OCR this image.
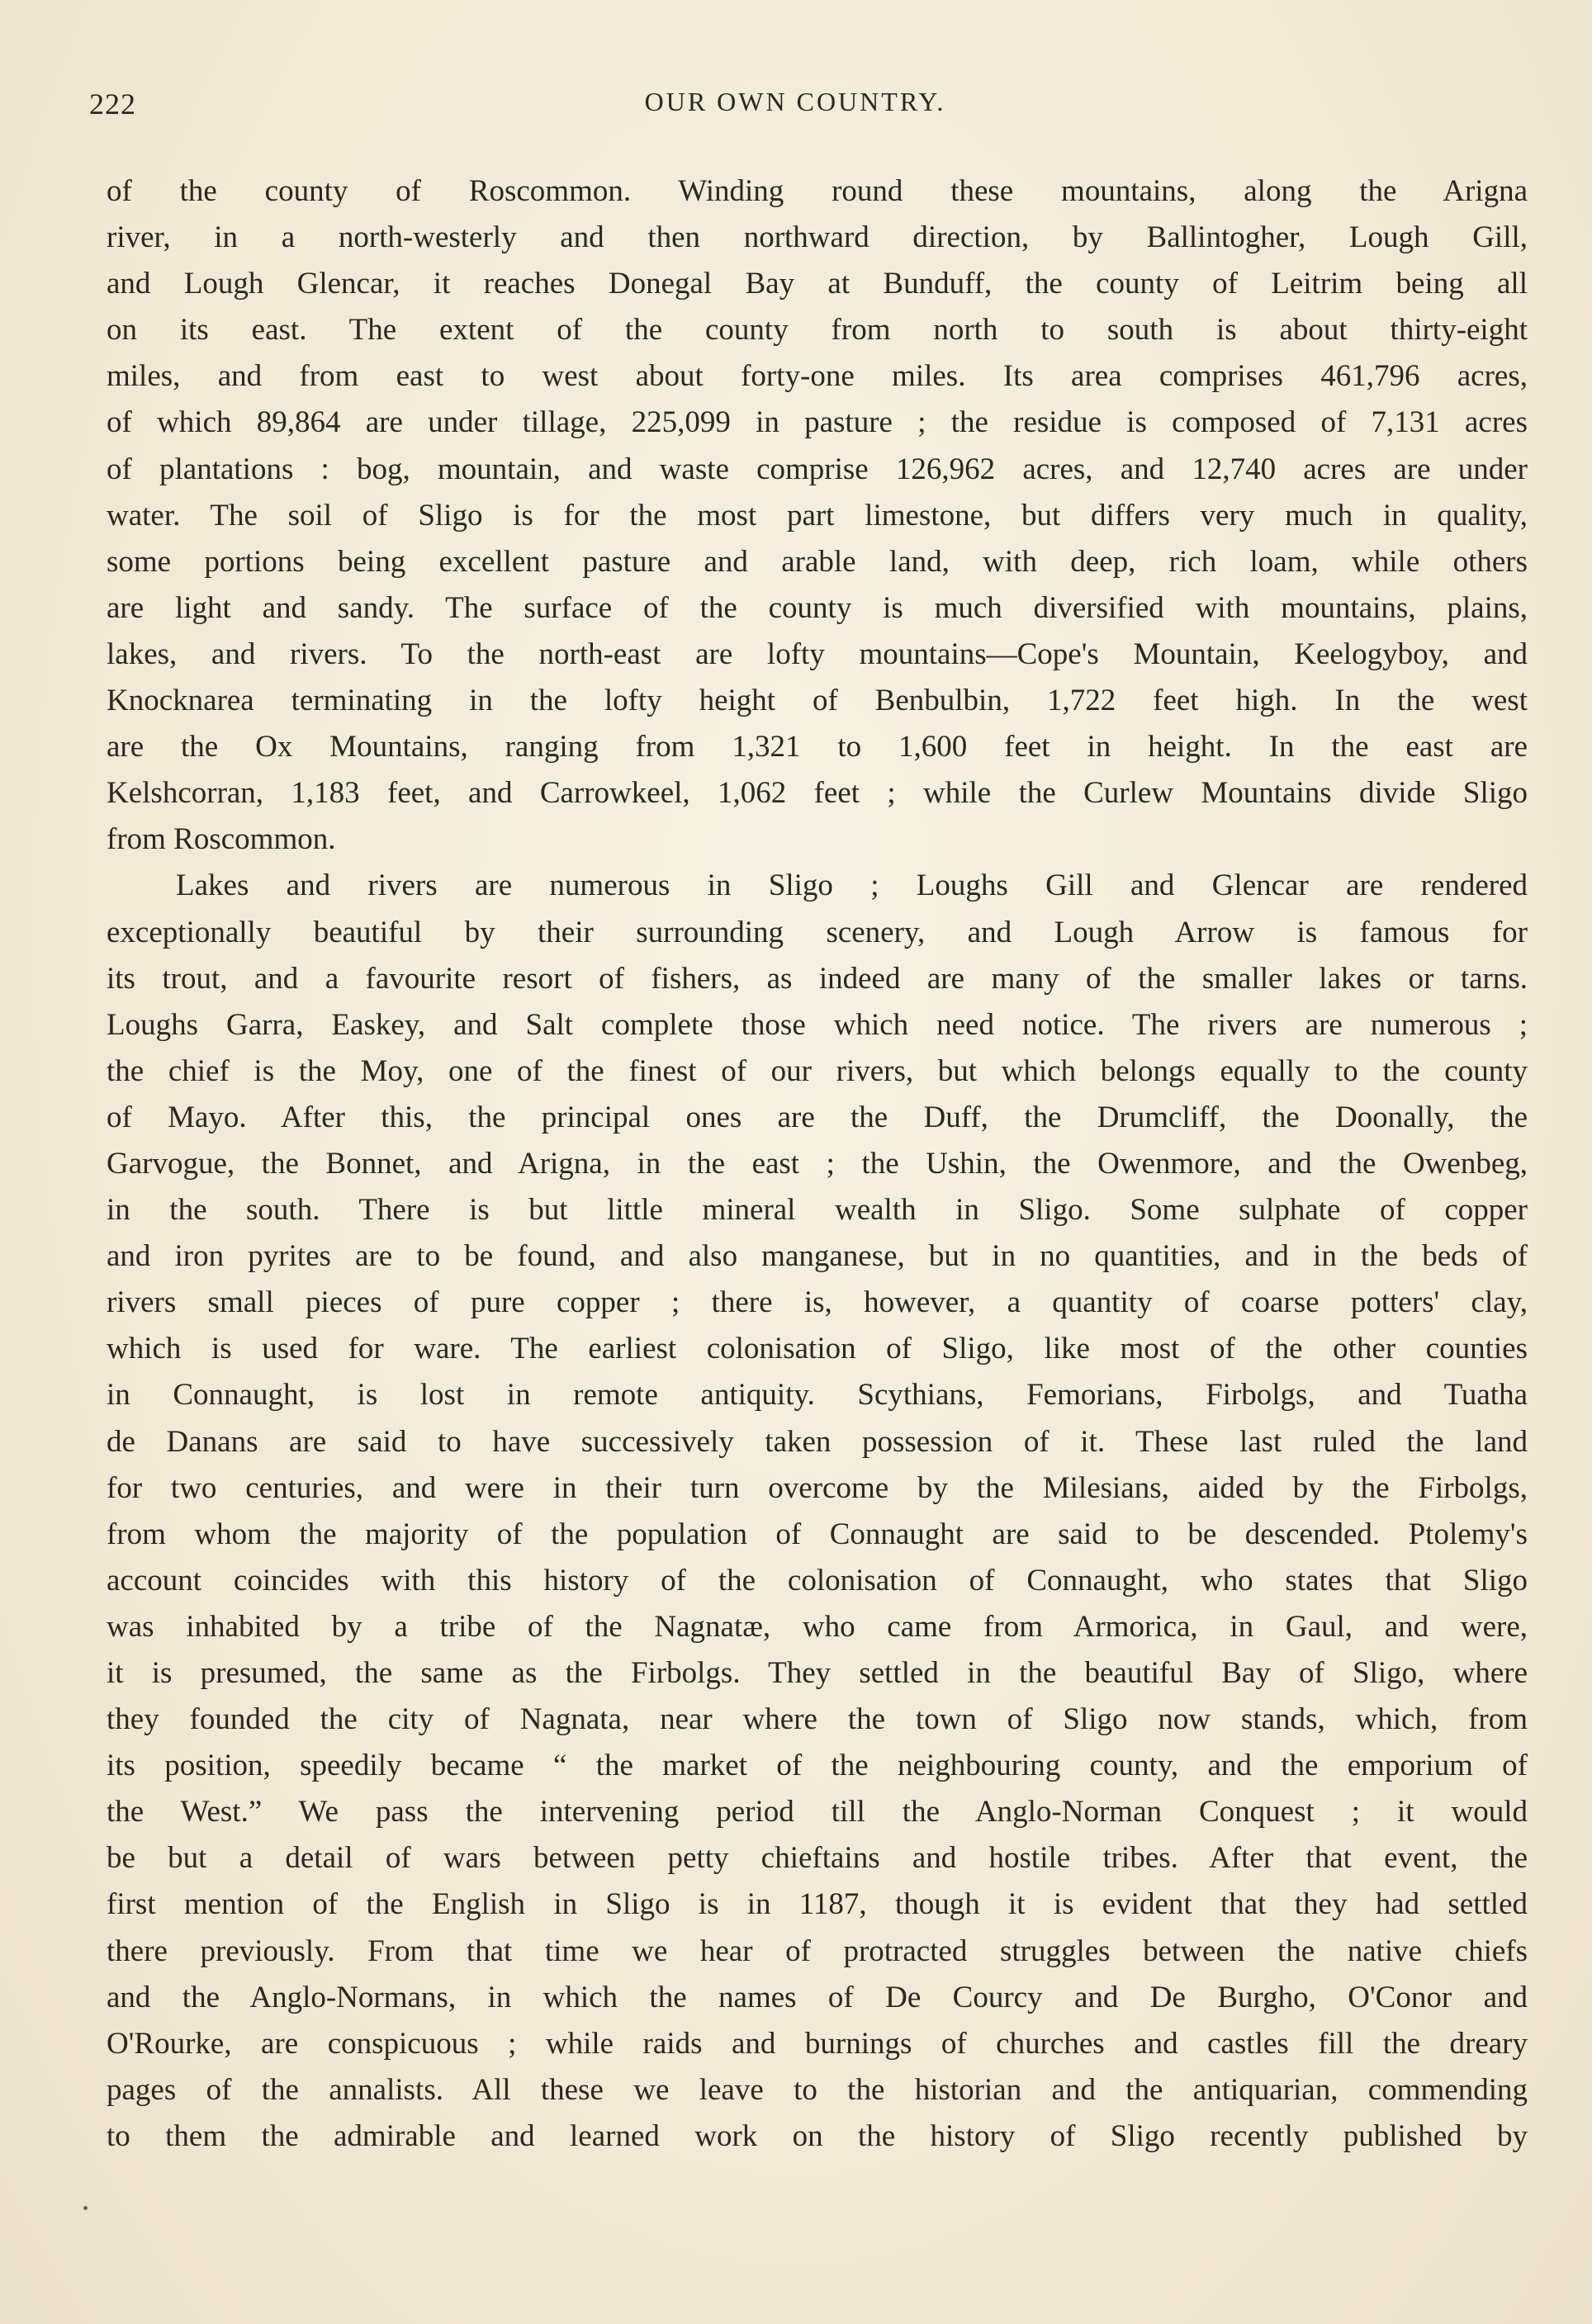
222	OUR OWN COUNTRY.

of the county of Roscommon. Winding round these mountains, along the Arigna
river, in a north-westerly and then northward direction, by Ballintogher, Lough Gill,
and Lough Glencar, it reaches Donegal Bay at Bunduff, the county of Leitrim being all
on its east. The extent of the county from north to south is about thirty-eight
miles, and from east to west about forty-one miles. Its area comprises 461,796 acres,
of which 89,864 are under tillage, 225,099 in pasture ; the residue is composed of 7,131 acres
of plantations : bog, mountain, and waste comprise 126,962 acres, and 12,740 acres are under
water. The soil of Sligo is for the most part limestone, but differs very much in quality,
some portions being excellent pasture and arable land, with deep, rich loam, while others
are light and sandy. The surface of the county is much diversified with mountains, plains,
lakes, and rivers. To the north-east are lofty mountains—Cope's Mountain, Keelogyboy, and
Knocknarea terminating in the lofty height of Benbulbin, 1,722 feet high. In the west
are the Ox Mountains, ranging from 1,321 to 1,600 feet in height. In the east are
Kelshcorran, 1,183 feet, and Carrowkeel, 1,062 feet ; while the Curlew Mountains divide Sligo
from Roscommon.

Lakes and rivers are numerous in Sligo ; Loughs Gill and Glencar are rendered
exceptionally beautiful by their surrounding scenery, and Lough Arrow is famous for
its trout, and a favourite resort of fishers, as indeed are many of the smaller lakes or tarns.
Loughs Garra, Easkey, and Salt complete those which need notice. The rivers are numerous ;
the chief is the Moy, one of the finest of our rivers, but which belongs equally to the county
of Mayo. After this, the principal ones are the Duff, the Drumcliff, the Doonally, the
Garvogue, the Bonnet, and Arigna, in the east ; the Ushin, the Owenmore, and the Owenbeg,
in the south. There is but little mineral wealth in Sligo. Some sulphate of copper
and iron pyrites are to be found, and also manganese, but in no quantities, and in the beds of
rivers small pieces of pure copper ; there is, however, a quantity of coarse potters' clay,
which is used for ware. The earliest colonisation of Sligo, like most of the other counties
in Connaught, is lost in remote antiquity. Scythians, Femorians, Firbolgs, and Tuatha
de Danans are said to have successively taken possession of it. These last ruled the land
for two centuries, and were in their turn overcome by the Milesians, aided by the Firbolgs,
from whom the majority of the population of Connaught are said to be descended. Ptolemy's
account coincides with this history of the colonisation of Connaught, who states that Sligo
was inhabited by a tribe of the Nagnatæ, who came from Armorica, in Gaul, and were,
it is presumed, the same as the Firbolgs. They settled in the beautiful Bay of Sligo, where
they founded the city of Nagnata, near where the town of Sligo now stands, which, from
its position, speedily became “ the market of the neighbouring county, and the emporium of
the West.” We pass the intervening period till the Anglo-Norman Conquest ; it would
be but a detail of wars between petty chieftains and hostile tribes. After that event, the
first mention of the English in Sligo is in 1187, though it is evident that they had settled
there previously. From that time we hear of protracted struggles between the native chiefs
and the Anglo-Normans, in which the names of De Courcy and De Burgho, O'Conor and
O'Rourke, are conspicuous ; while raids and burnings of churches and castles fill the dreary
pages of the annalists. All these we leave to the historian and the antiquarian, commending
to them the admirable and learned work on the history of Sligo recently published by
